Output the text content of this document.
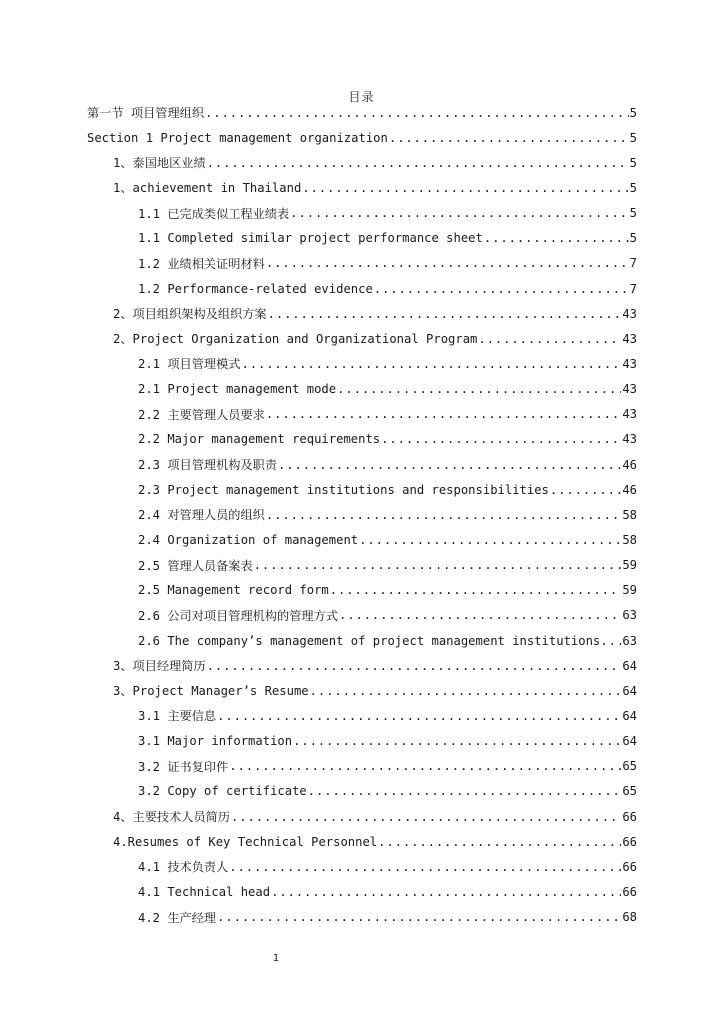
目录
第一节 项目管理组织 .....	5
Section 1 Project management organization .....	5
1、泰国地区业绩 .....	5
1、achievement in Thailand .....	5
1.1 已完成类似工程业绩表 .....	5
1.1 Completed similar project performance sheet .....	5
1.2 业绩相关证明材料 .....	7
1.2 Performance-related evidence .....	7
2、项目组织架构及组织方案 .....	43
2、Project Organization and Organizational Program .....	43
2.1 项目管理模式 .....	43
2.1 Project management mode .....	43
2.2 主要管理人员要求 .....	43
2.2 Major management requirements .....	43
2.3 项目管理机构及职责 .....	46
2.3 Project management institutions and responsibilities .....	46
2.4 对管理人员的组织 .....	58
2.4 Organization of management .....	58
2.5 管理人员备案表 .....	59
2.5 Management record form .....	59
2.6 公司对项目管理机构的管理方式 .....	63
2.6 The company’s management of project management institutions. ..... 63
3、项目经理简历 .....	64
3、Project Manager’s Resume .....	64
3.1 主要信息 .....	64
3.1 Major information .....	64
3.2 证书复印件 .....	65
3.2 Copy of certificate .....	65
4、主要技术人员简历 .....	66
4.Resumes of Key Technical Personnel .....	66
4.1 技术负责人 .....	66
4.1 Technical head .....	66
4.2 生产经理 .....	68
1
